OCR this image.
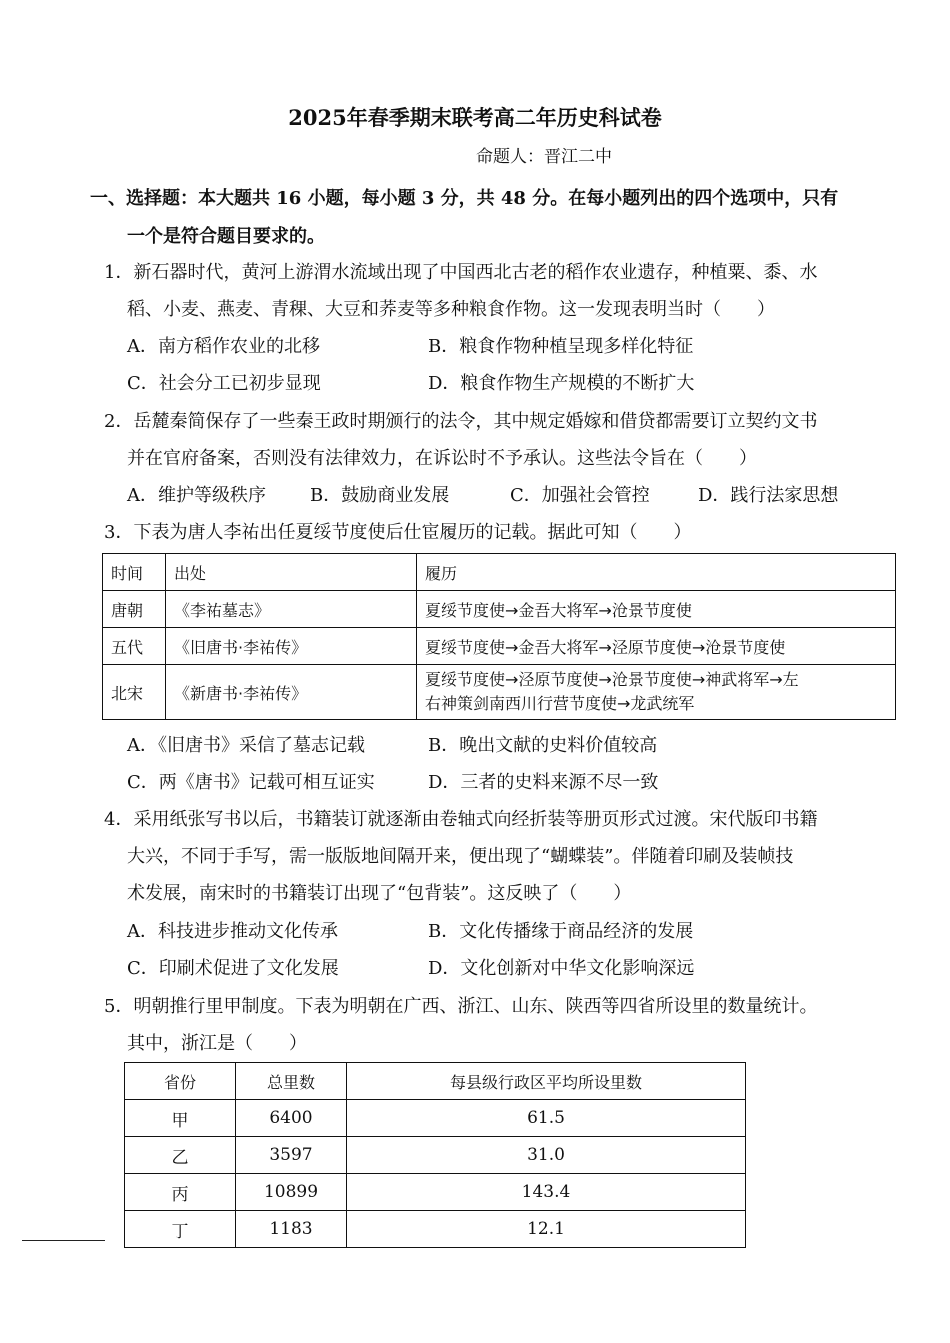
2025年春季期末联考高二年历史科试卷
命题人：晋江二中
一、选择题：本大题共 16 小题，每小题 3 分，共 48 分。在每小题列出的四个选项中，只有
一个是符合题目要求的。
1．新石器时代，黄河上游渭水流域出现了中国西北古老的稻作农业遗存，种植粟、黍、水
稻、小麦、燕麦、青稞、大豆和荞麦等多种粮食作物。这一发现表明当时（　　）
A．南方稻作农业的北移	B．粮食作物种植呈现多样化特征
C．社会分工已初步显现	D．粮食作物生产规模的不断扩大
2．岳麓秦简保存了一些秦王政时期颁行的法令，其中规定婚嫁和借贷都需要订立契约文书
并在官府备案，否则没有法律效力，在诉讼时不予承认。这些法令旨在（　　）
A．维护等级秩序 B．鼓励商业发展	C．加强社会管控	D．践行法家思想
3．下表为唐人李祐出任夏绥节度使后仕宦履历的记载。据此可知（　　）
时间	出处	履历
唐朝	《李祐墓志》	夏绥节度使→金吾大将军→沧景节度使
五代	《旧唐书·李祐传》	夏绥节度使→金吾大将军→泾原节度使→沧景节度使
北宋	《新唐书·李祐传》	夏绥节度使→泾原节度使→沧景节度使→神武将军→左
右神策剑南西川行营节度使→龙武统军
A．《旧唐书》采信了墓志记载	B．晚出文献的史料价值较高
C．两《唐书》记载可相互证实	D．三者的史料来源不尽一致
4．采用纸张写书以后，书籍装订就逐渐由卷轴式向经折装等册页形式过渡。宋代版印书籍
大兴，不同于手写，需一版版地间隔开来，便出现了“蝴蝶装”。伴随着印刷及装帧技
术发展，南宋时的书籍装订出现了“包背装”。这反映了（　　）
A．科技进步推动文化传承	B．文化传播缘于商品经济的发展
C．印刷术促进了文化发展	D．文化创新对中华文化影响深远
5．明朝推行里甲制度。下表为明朝在广西、浙江、山东、陕西等四省所设里的数量统计。
其中，浙江是（　　）
省份	总里数	每县级行政区平均所设里数
甲	6400	61.5
乙	3597	31.0
丙	10899	143.4
丁	1183	12.1
